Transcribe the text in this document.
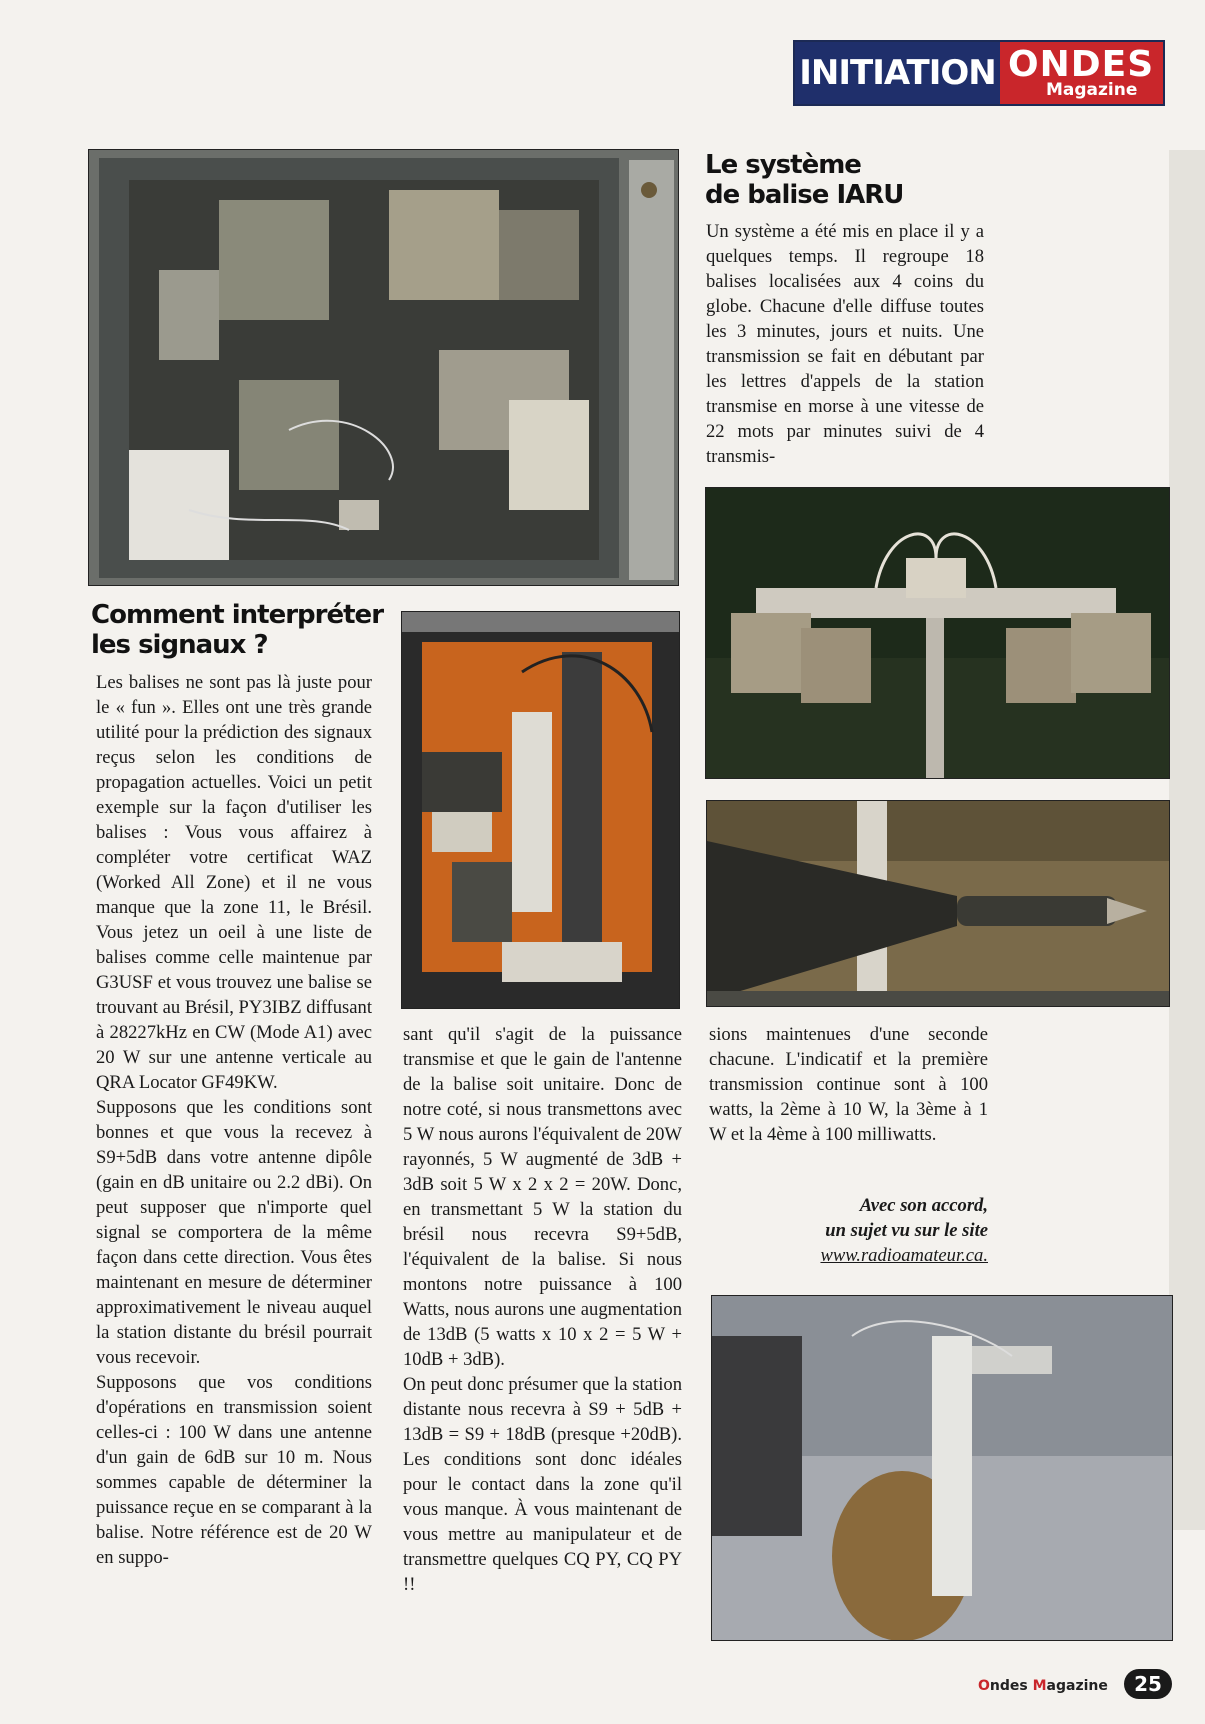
INITIATION ONDES
Magazine
Comment interpréter
les signaux ?

Les balises ne sont pas là juste pour le « fun ». Elles ont une très grande utilité pour la prédiction des signaux reçus selon les conditions de propagation actuelles. Voici un petit exemple sur la façon d'utiliser les balises : Vous vous affairez à compléter votre certificat WAZ (Worked All Zone) et il ne vous manque que la zone 11, le Brésil. Vous jetez un oeil à une liste de balises comme celle maintenue par G3USF et vous trouvez une balise se trouvant au Brésil, PY3IBZ diffusant à 28227kHz en CW (Mode A1) avec 20 W sur une antenne verticale au QRA Locator GF49KW.

Supposons que les conditions sont bonnes et que vous la recevez à S9+5dB dans votre antenne dipôle (gain en dB unitaire ou 2.2 dBi). On peut supposer que n'importe quel signal se comportera de la même façon dans cette direction. Vous êtes maintenant en mesure de déterminer approximativement le niveau auquel la station distante du brésil pourrait vous recevoir.

Supposons que vos conditions d'opérations en transmission soient celles-ci : 100 W dans une antenne d'un gain de 6dB sur 10 m. Nous sommes capable de déterminer la puissance reçue en se comparant à la balise. Notre référence est de 20 W en suppo-

sant qu'il s'agit de la puissance transmise et que le gain de l'antenne de la balise soit unitaire. Donc de notre coté, si nous transmettons avec 5 W nous aurons l'équivalent de 20W rayonnés, 5 W augmenté de 3dB + 3dB soit 5 W x 2 x 2 = 20W. Donc, en transmettant 5 W la station du brésil nous recevra S9+5dB, l'équivalent de la balise. Si nous montons notre puissance à 100 Watts, nous aurons une augmentation de 13dB (5 watts x 10 x 2 = 5 W + 10dB + 3dB).

On peut donc présumer que la station distante nous recevra à S9 + 5dB + 13dB = S9 + 18dB (presque +20dB). Les conditions sont donc idéales pour le contact dans la zone qu'il vous manque. À vous maintenant de vous mettre au manipulateur et de transmettre quelques CQ PY, CQ PY !!

Le système
de balise IARU

Un système a été mis en place il y a quelques temps. Il regroupe 18 balises localisées aux 4 coins du globe. Chacune d'elle diffuse toutes les 3 minutes, jours et nuits. Une transmission se fait en débutant par les lettres d'appels de la station transmise en morse à une vitesse de 22 mots par minutes suivi de 4 transmis-

sions maintenues d'une seconde chacune. L'indicatif et la première transmission continue sont à 100 watts, la 2ème à 10 W, la 3ème à 1 W et la 4ème à 100 milliwatts.

Avec son accord,
un sujet vu sur le site
www.radioamateur.ca.
Ondes Magazine	25
